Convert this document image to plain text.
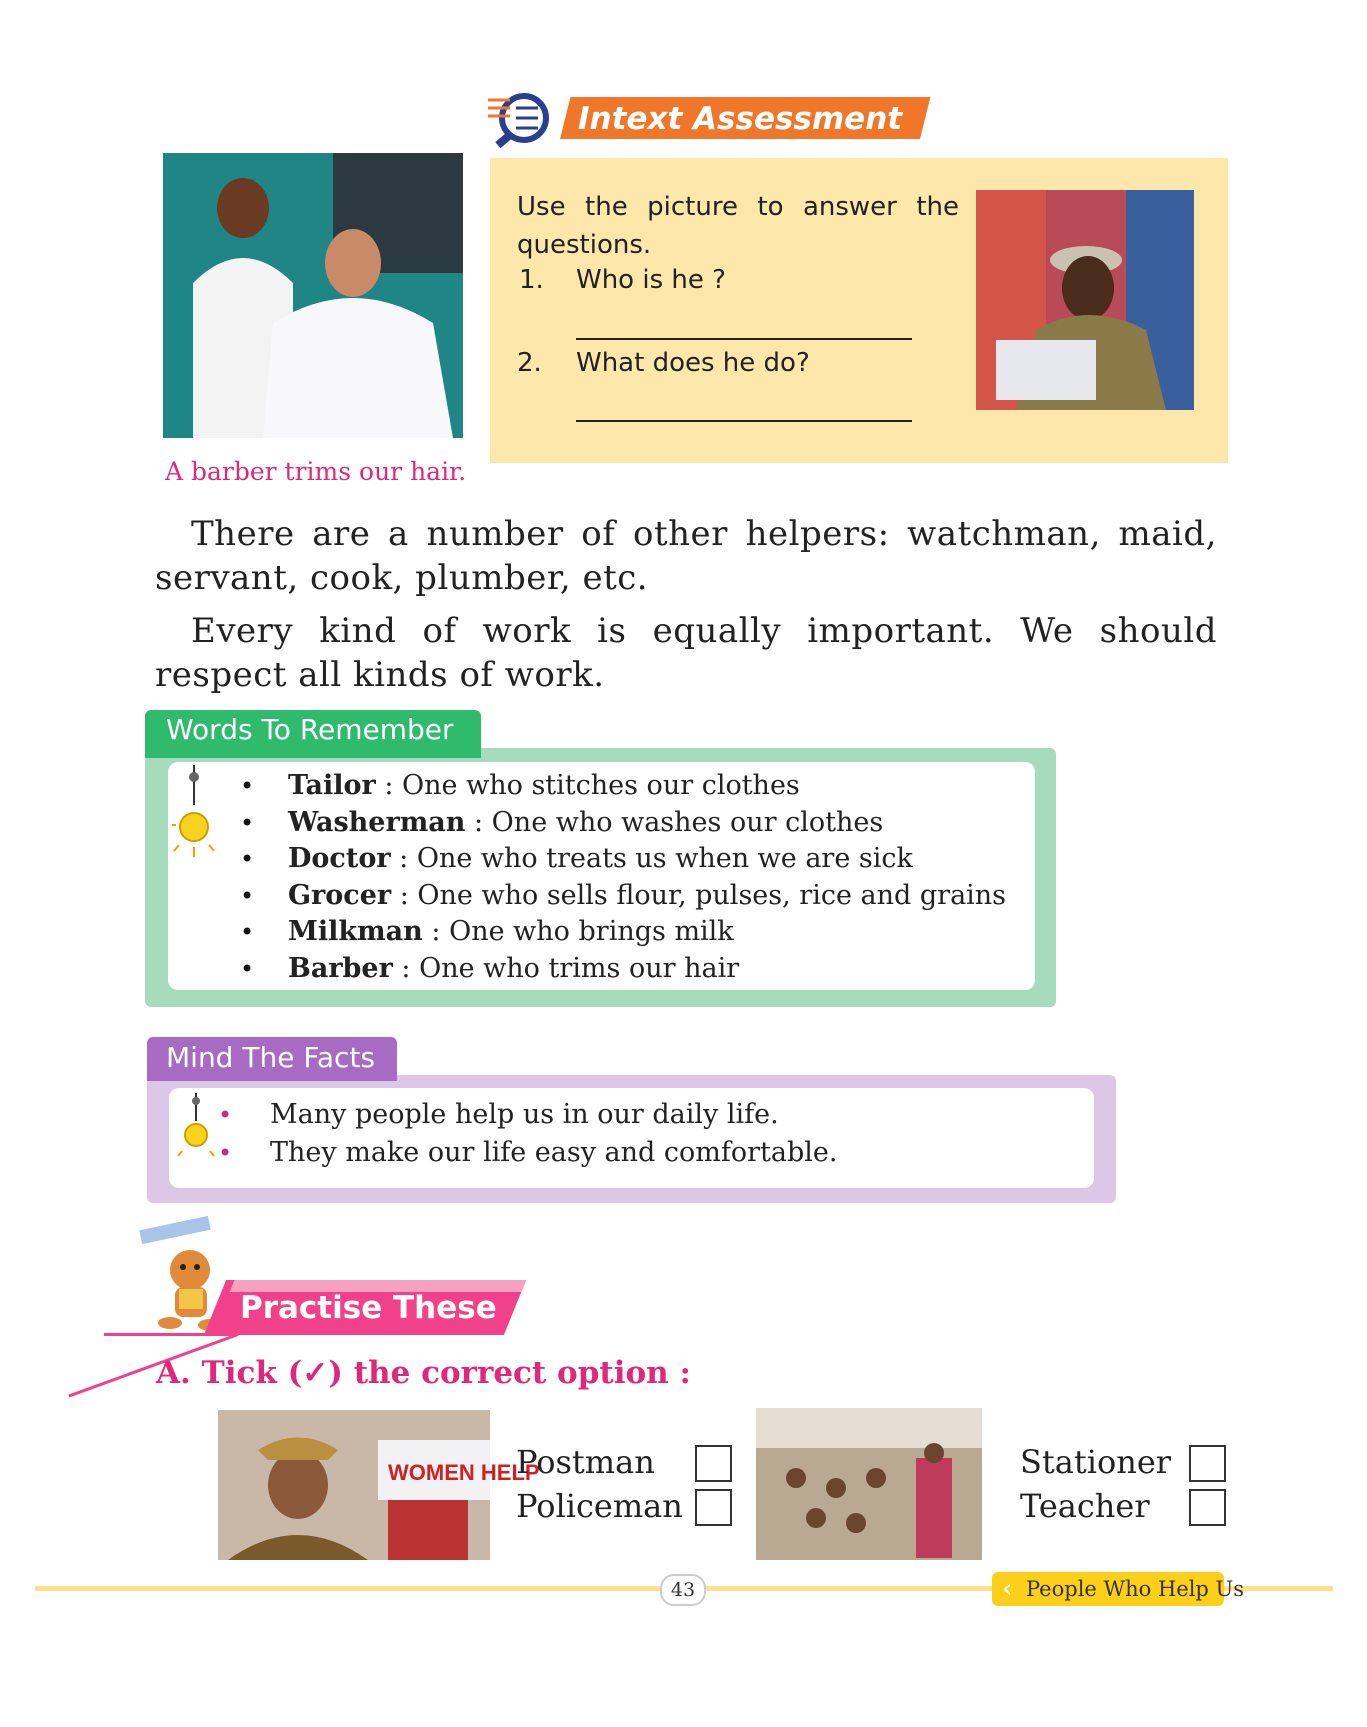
Intext Assessment
A barber trims our hair.
Use the picture to answer the questions.
1. Who is he ?
2. What does he do?
There are a number of other helpers: watchman, maid, servant, cook, plumber, etc.
Every kind of work is equally important. We should respect all kinds of work.
Words To Remember
• Tailor : One who stitches our clothes
• Washerman : One who washes our clothes
• Doctor : One who treats us when we are sick
• Grocer : One who sells flour, pulses, rice and grains
• Milkman : One who brings milk
• Barber : One who trims our hair
Mind The Facts
• Many people help us in our daily life.
• They make our life easy and comfortable.
Practise These
A. Tick (✓) the correct option :
WOMEN HELP
Postman
Policeman
Stationer
Teacher
43	‹ People Who Help Us
